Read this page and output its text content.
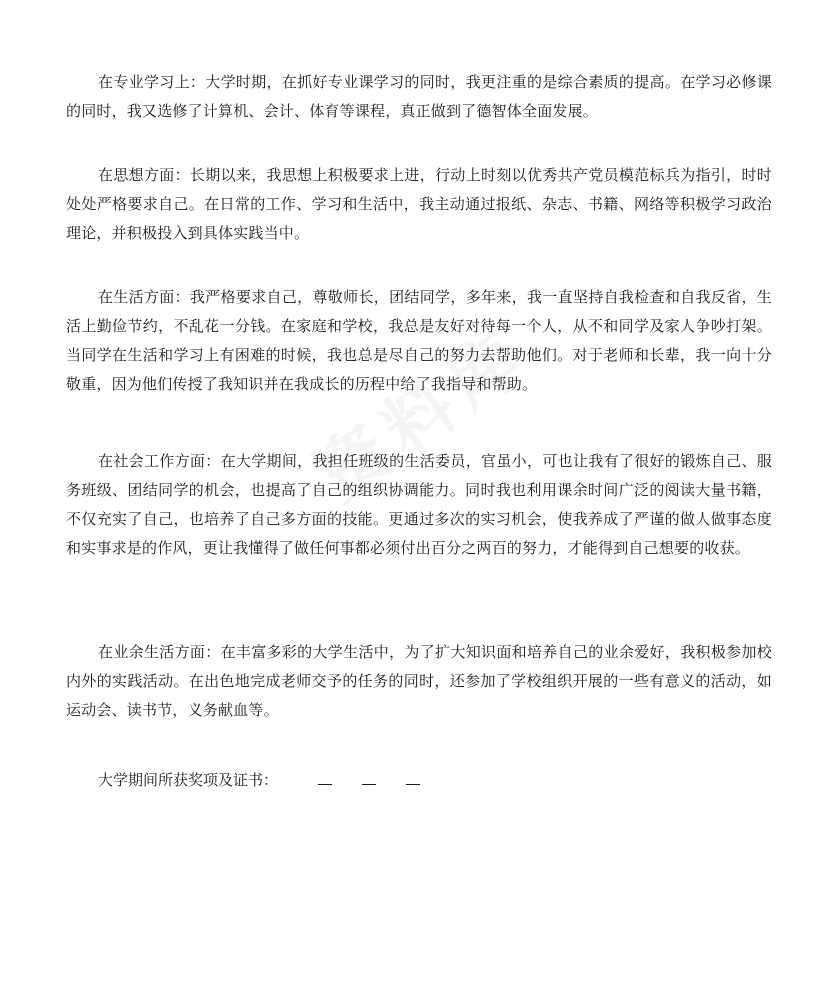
在专业学习上：大学时期，在抓好专业课学习的同时，我更注重的是综合素质的提高。在学习必修课的同时，我又选修了计算机、会计、体育等课程，真正做到了德智体全面发展。

在思想方面：长期以来，我思想上积极要求上进，行动上时刻以优秀共产党员模范标兵为指引，时时处处严格要求自己。在日常的工作、学习和生活中，我主动通过报纸、杂志、书籍、网络等积极学习政治理论，并积极投入到具体实践当中。

在生活方面：我严格要求自己，尊敬师长，团结同学，多年来，我一直坚持自我检查和自我反省，生活上勤俭节约，不乱花一分钱。在家庭和学校，我总是友好对待每一个人，从不和同学及家人争吵打架。当同学在生活和学习上有困难的时候，我也总是尽自己的努力去帮助他们。对于老师和长辈，我一向十分敬重，因为他们传授了我知识并在我成长的历程中给了我指导和帮助。

在社会工作方面：在大学期间，我担任班级的生活委员，官虽小，可也让我有了很好的锻炼自己、服务班级、团结同学的机会，也提高了自己的组织协调能力。同时我也利用课余时间广泛的阅读大量书籍，不仅充实了自己，也培养了自己多方面的技能。更通过多次的实习机会，使我养成了严谨的做人做事态度和实事求是的作风，更让我懂得了做任何事都必须付出百分之两百的努力，才能得到自己想要的收获。

在业余生活方面：在丰富多彩的大学生活中，为了扩大知识面和培养自己的业余爱好，我积极参加校内外的实践活动。在出色地完成老师交予的任务的同时，还参加了学校组织开展的一些有意义的活动，如运动会、读书节，义务献血等。

大学期间所获奖项及证书：
